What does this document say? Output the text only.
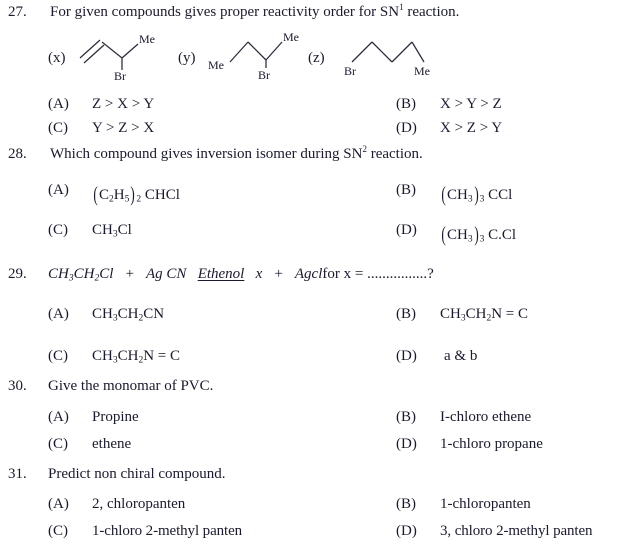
27. For given compounds gives proper reactivity order for $SN^1$ reaction.
(x)
Me
Br
(y) Me
Br
Me
(z)
Br	Me
(A) Z > X > Y	(B) X > Y > Z
(C) Y > Z > X	(D) X > Z > Y
28. Which compound gives inversion isomer during $SN^2$ reaction.
(A) $(C_2H_5)_2$ CHCl	(B) $(CH_3)_3$ CCl
(C) $CH_3Cl$	(D) $(CH_3)_3$ C.Cl
29. $CH_3CH_2Cl + Ag$ CN Ethenol x + Agclfor x = ................?
(A) $CH_3CH_2CN$	(B) $CH_3CH_2N = C$
(C) $CH_3CH_2N = C$	(D) a & b
30. Give the monomar of PVC.
(A) Propine	(B) I-chloro ethene
(C) ethene	(D) 1-chloro propane
31. Predict non chiral compound.
(A) 2, chloropanten	(B) 1-chloropanten
(C) 1-chloro 2-methyl panten	(D) 3, chloro 2-methyl panten
